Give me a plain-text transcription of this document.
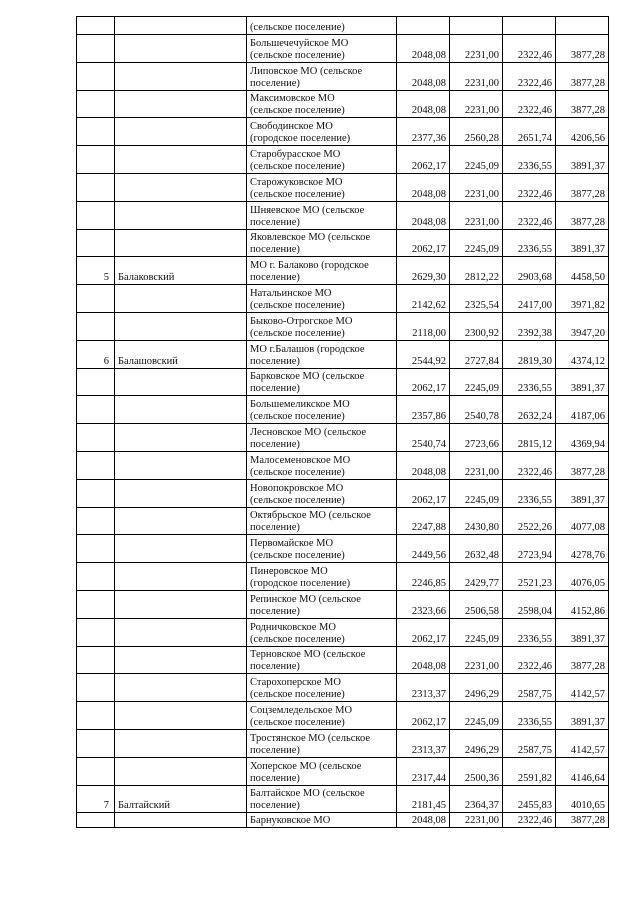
		(сельское поселение)				
		Большечечуйское МО
(сельское поселение)	2048,08	2231,00	2322,46	3877,28
		Липовское МО (сельское
поселение)	2048,08	2231,00	2322,46	3877,28
		Максимовское МО
(сельское поселение)	2048,08	2231,00	2322,46	3877,28
		Свободинское МО
(городское поселение)	2377,36	2560,28	2651,74	4206,56
		Старобурасское МО
(сельское поселение)	2062,17	2245,09	2336,55	3891,37
		Старожуковское МО
(сельское поселение)	2048,08	2231,00	2322,46	3877,28
		Шняевское МО (сельское
поселение)	2048,08	2231,00	2322,46	3877,28
		Яковлевское МО (сельское
поселение)	2062,17	2245,09	2336,55	3891,37
5	Балаковский	МО г. Балаково (городское
поселение)	2629,30	2812,22	2903,68	4458,50
		Натальинское МО
(сельское поселение)	2142,62	2325,54	2417,00	3971,82
		Быково-Отрогское МО
(сельское поселение)	2118,00	2300,92	2392,38	3947,20
6	Балашовский	МО г.Балашов (городское
поселение)	2544,92	2727,84	2819,30	4374,12
		Барковское МО (сельское
поселение)	2062,17	2245,09	2336,55	3891,37
		Большемеликское МО
(сельское поселение)	2357,86	2540,78	2632,24	4187,06
		Лесновское МО (сельское
поселение)	2540,74	2723,66	2815,12	4369,94
		Малосеменовское МО
(сельское поселение)	2048,08	2231,00	2322,46	3877,28
		Новопокровское МО
(сельское поселение)	2062,17	2245,09	2336,55	3891,37
		Октябрьское МО (сельское
поселение)	2247,88	2430,80	2522,26	4077,08
		Первомайское МО
(сельское поселение)	2449,56	2632,48	2723,94	4278,76
		Пинеровское МО
(городское поселение)	2246,85	2429,77	2521,23	4076,05
		Репинское МО (сельское
поселение)	2323,66	2506,58	2598,04	4152,86
		Родничковское МО
(сельское поселение)	2062,17	2245,09	2336,55	3891,37
		Терновское МО (сельское
поселение)	2048,08	2231,00	2322,46	3877,28
		Старохоперское МО
(сельское поселение)	2313,37	2496,29	2587,75	4142,57
		Соцземледельское МО
(сельское поселение)	2062,17	2245,09	2336,55	3891,37
		Тростянское МО (сельское
поселение)	2313,37	2496,29	2587,75	4142,57
		Хоперское МО (сельское
поселение)	2317,44	2500,36	2591,82	4146,64
7	Балтайский	Балтайское МО (сельское
поселение)	2181,45	2364,37	2455,83	4010,65
		Барнуковское МО	2048,08	2231,00	2322,46	3877,28
